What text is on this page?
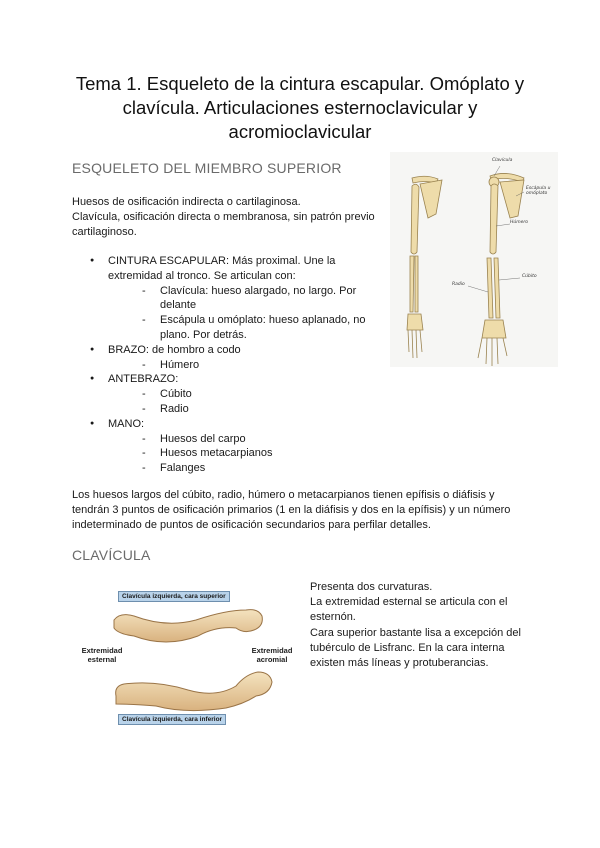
Tema 1. Esqueleto de la cintura escapular. Omóplato y
clavícula. Articulaciones esternoclavicular y
acromioclavicular
ESQUELETO DEL MIEMBRO SUPERIOR
Huesos de osificación indirecta o cartilaginosa.
Clavícula, osificación directa o membranosa, sin patrón previo
cartilaginoso.
● CINTURA ESCAPULAR: Más proximal. Une la
extremidad al tronco. Se articulan con:
- Clavícula: hueso alargado, no largo. Por
delante
- Escápula u omóplato: hueso aplanado, no
plano. Por detrás.
● BRAZO: de hombro a codo
- Húmero
● ANTEBRAZO:
- Cúbito
- Radio
● MANO:
- Huesos del carpo
- Huesos metacarpianos
- Falanges
Clavícula
Escápula u omóplato
Húmero
Radio
Cúbito
Los huesos largos del cúbito, radio, húmero o metacarpianos tienen epífisis o diáfisis y
tendrán 3 puntos de osificación primarios (1 en la diáfisis y dos en la epífisis) y un número
indeterminado de puntos de osificación secundarios para perfilar detalles.
CLAVÍCULA
Clavícula izquierda, cara superior
Clavícula izquierda, cara inferior
Extremidad
esternal
Extremidad
acromial
Presenta dos curvaturas.
La extremidad esternal se articula con el
esternón.
Cara superior bastante lisa a excepción del
tubérculo de Lisfranc. En la cara interna
existen más líneas y protuberancias.
